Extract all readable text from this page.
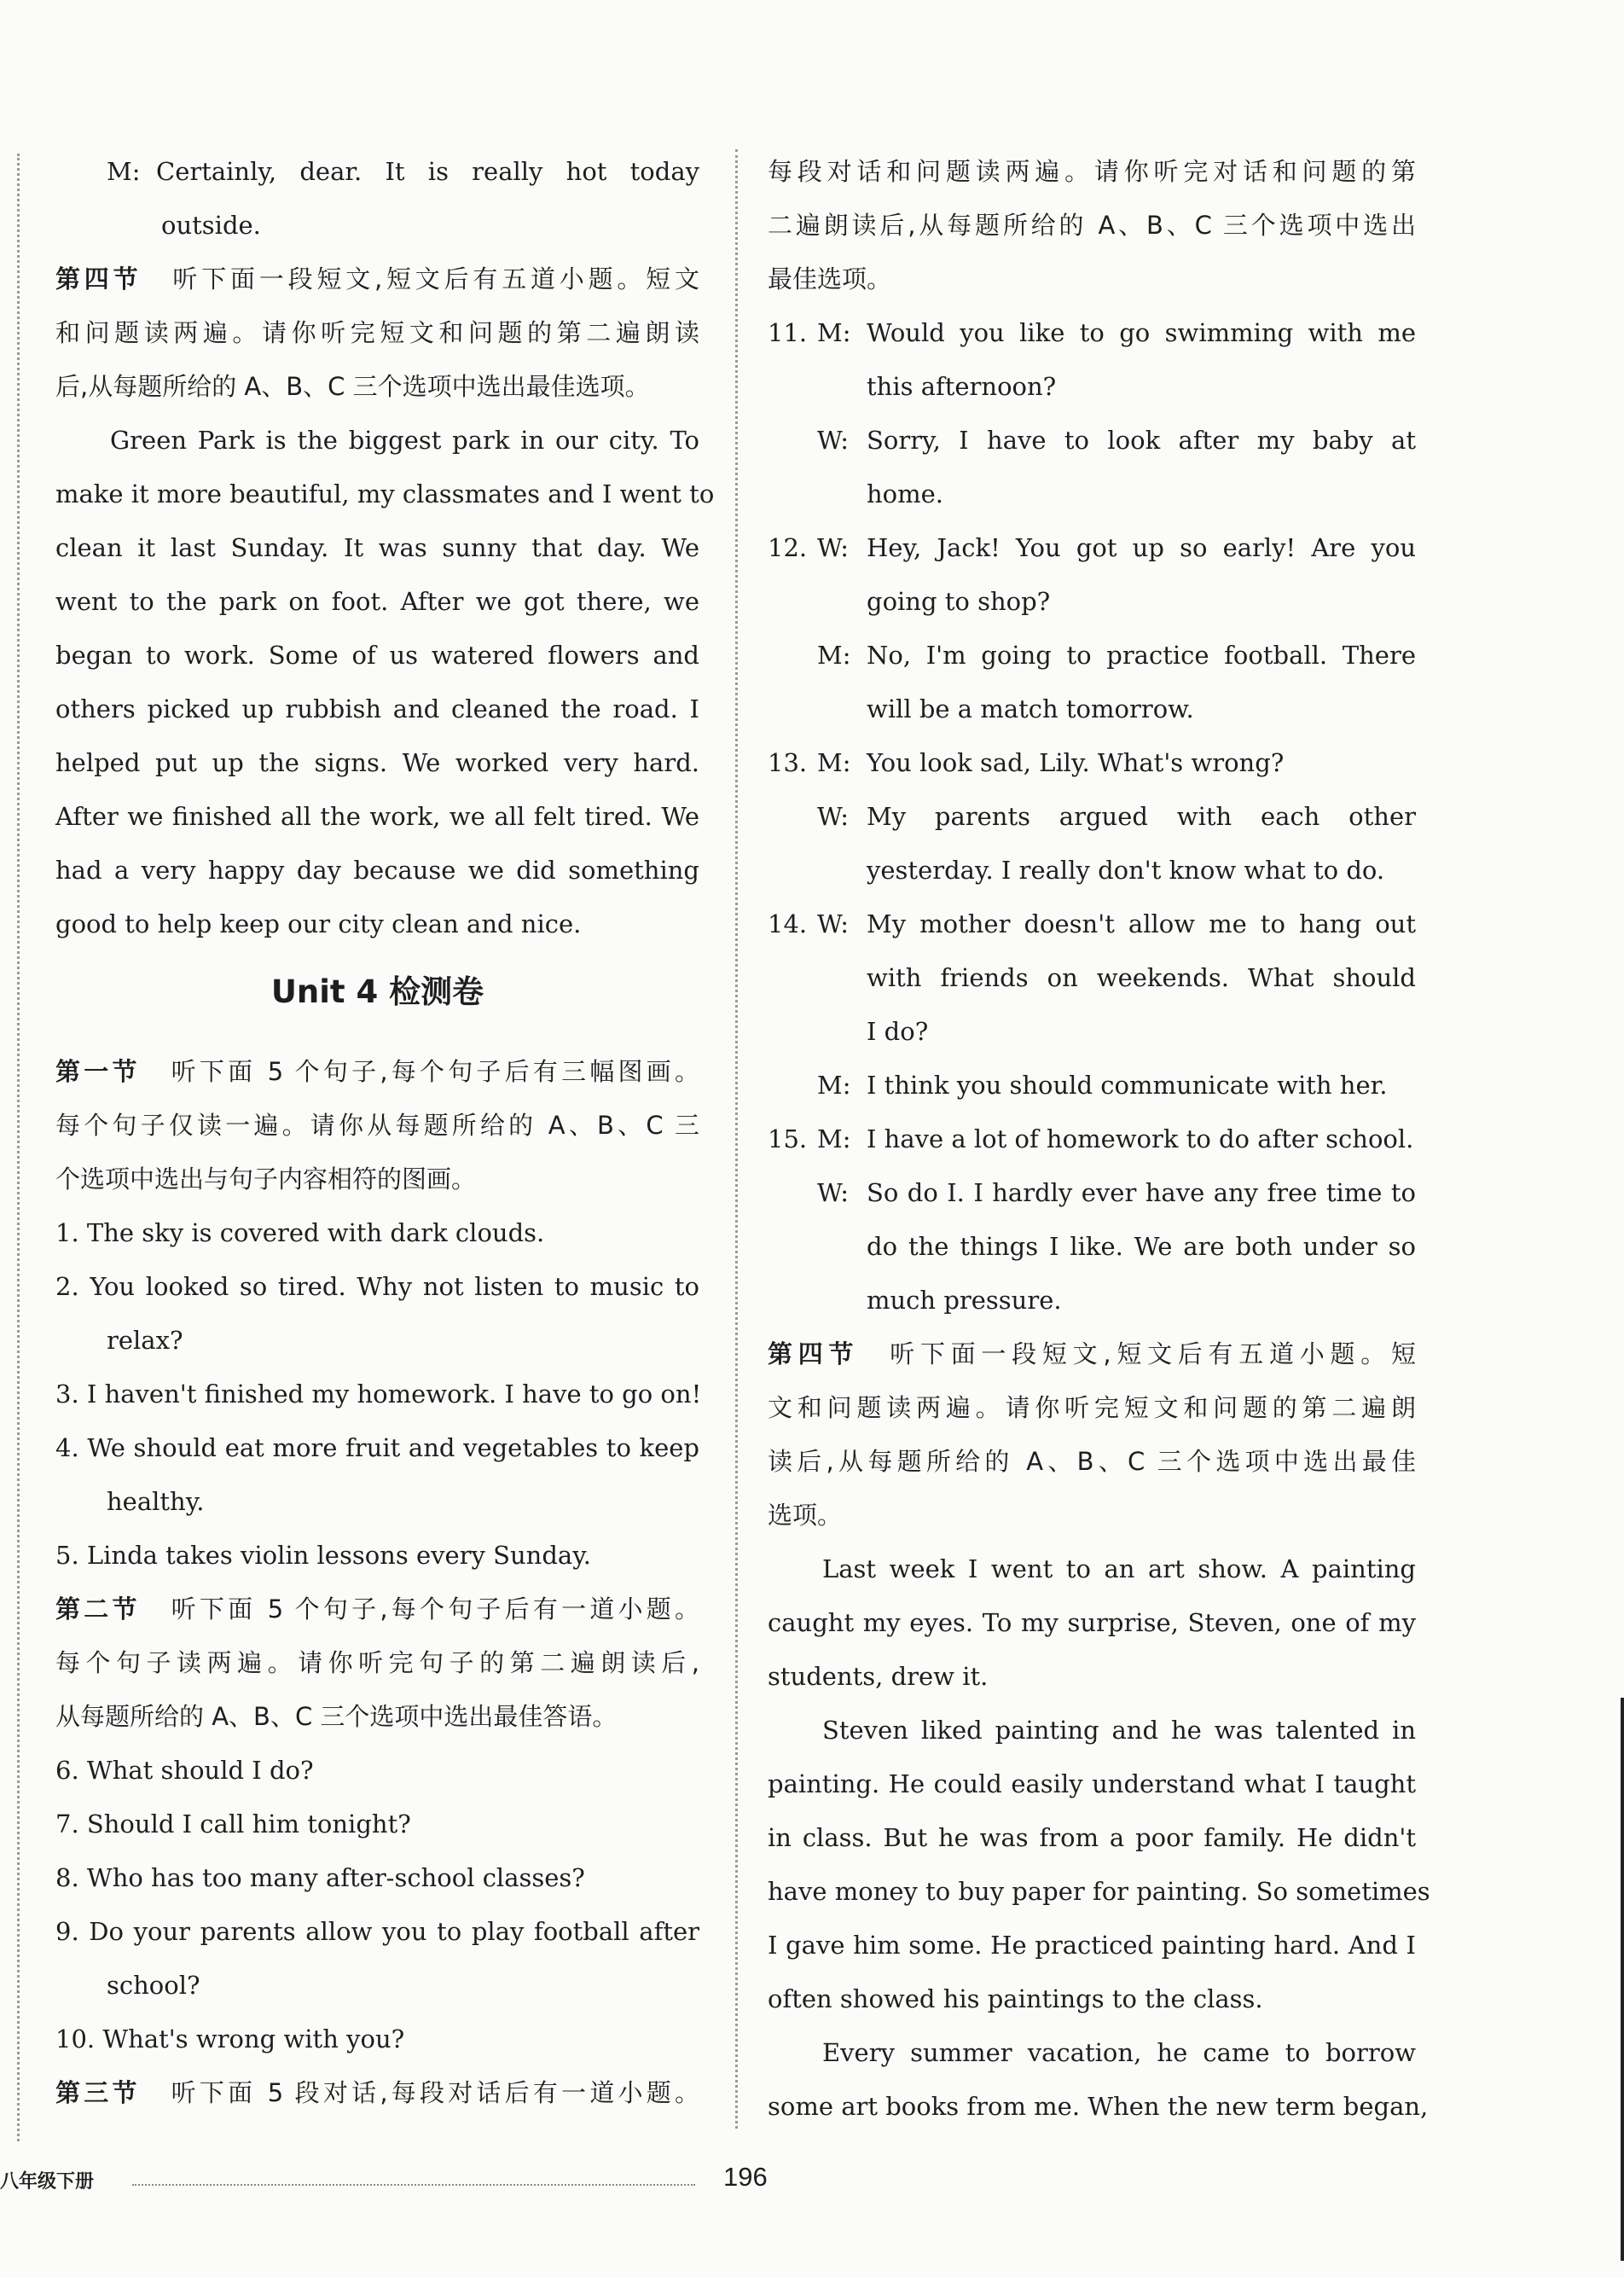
M: Certainly, dear. It is really hot today
outside.
第四节 听下面一段短文,短文后有五道小题。短文
和问题读两遍。请你听完短文和问题的第二遍朗读
后,从每题所给的 A、B、C 三个选项中选出最佳选项。
Green Park is the biggest park in our city. To
make it more beautiful, my classmates and I went to
clean it last Sunday. It was sunny that day. We
went to the park on foot. After we got there, we
began to work. Some of us watered flowers and
others picked up rubbish and cleaned the road. I
helped put up the signs. We worked very hard.
After we finished all the work, we all felt tired. We
had a very happy day because we did something
good to help keep our city clean and nice.
Unit 4 检测卷
第一节 听下面 5 个句子,每个句子后有三幅图画。
每个句子仅读一遍。请你从每题所给的 A、B、C 三
个选项中选出与句子内容相符的图画。
1. The sky is covered with dark clouds.
2. You looked so tired. Why not listen to music to
relax?
3. I haven't finished my homework. I have to go on!
4. We should eat more fruit and vegetables to keep
healthy.
5. Linda takes violin lessons every Sunday.
第二节 听下面 5 个句子,每个句子后有一道小题。
每个句子读两遍。请你听完句子的第二遍朗读后,
从每题所给的 A、B、C 三个选项中选出最佳答语。
6. What should I do?
7. Should I call him tonight?
8. Who has too many after-school classes?
9. Do your parents allow you to play football after
school?
10. What's wrong with you?
第三节 听下面 5 段对话,每段对话后有一道小题。
每段对话和问题读两遍。请你听完对话和问题的第
二遍朗读后,从每题所给的 A、B、C 三个选项中选出
最佳选项。
11. M: Would you like to go swimming with me
this afternoon?
W: Sorry, I have to look after my baby at
home.
12. W: Hey, Jack! You got up so early! Are you
going to shop?
M: No, I'm going to practice football. There
will be a match tomorrow.
13. M: You look sad, Lily. What's wrong?
W: My parents argued with each other
yesterday. I really don't know what to do.
14. W: My mother doesn't allow me to hang out
with friends on weekends. What should
I do?
M: I think you should communicate with her.
15. M: I have a lot of homework to do after school.
W: So do I. I hardly ever have any free time to
do the things I like. We are both under so
much pressure.
第四节 听下面一段短文,短文后有五道小题。短
文和问题读两遍。请你听完短文和问题的第二遍朗
读后,从每题所给的 A、B、C 三个选项中选出最佳
选项。
Last week I went to an art show. A painting
caught my eyes. To my surprise, Steven, one of my
students, drew it.
Steven liked painting and he was talented in
painting. He could easily understand what I taught
in class. But he was from a poor family. He didn't
have money to buy paper for painting. So sometimes
I gave him some. He practiced painting hard. And I
often showed his paintings to the class.
Every summer vacation, he came to borrow
some art books from me. When the new term began,
八年级下册	196
